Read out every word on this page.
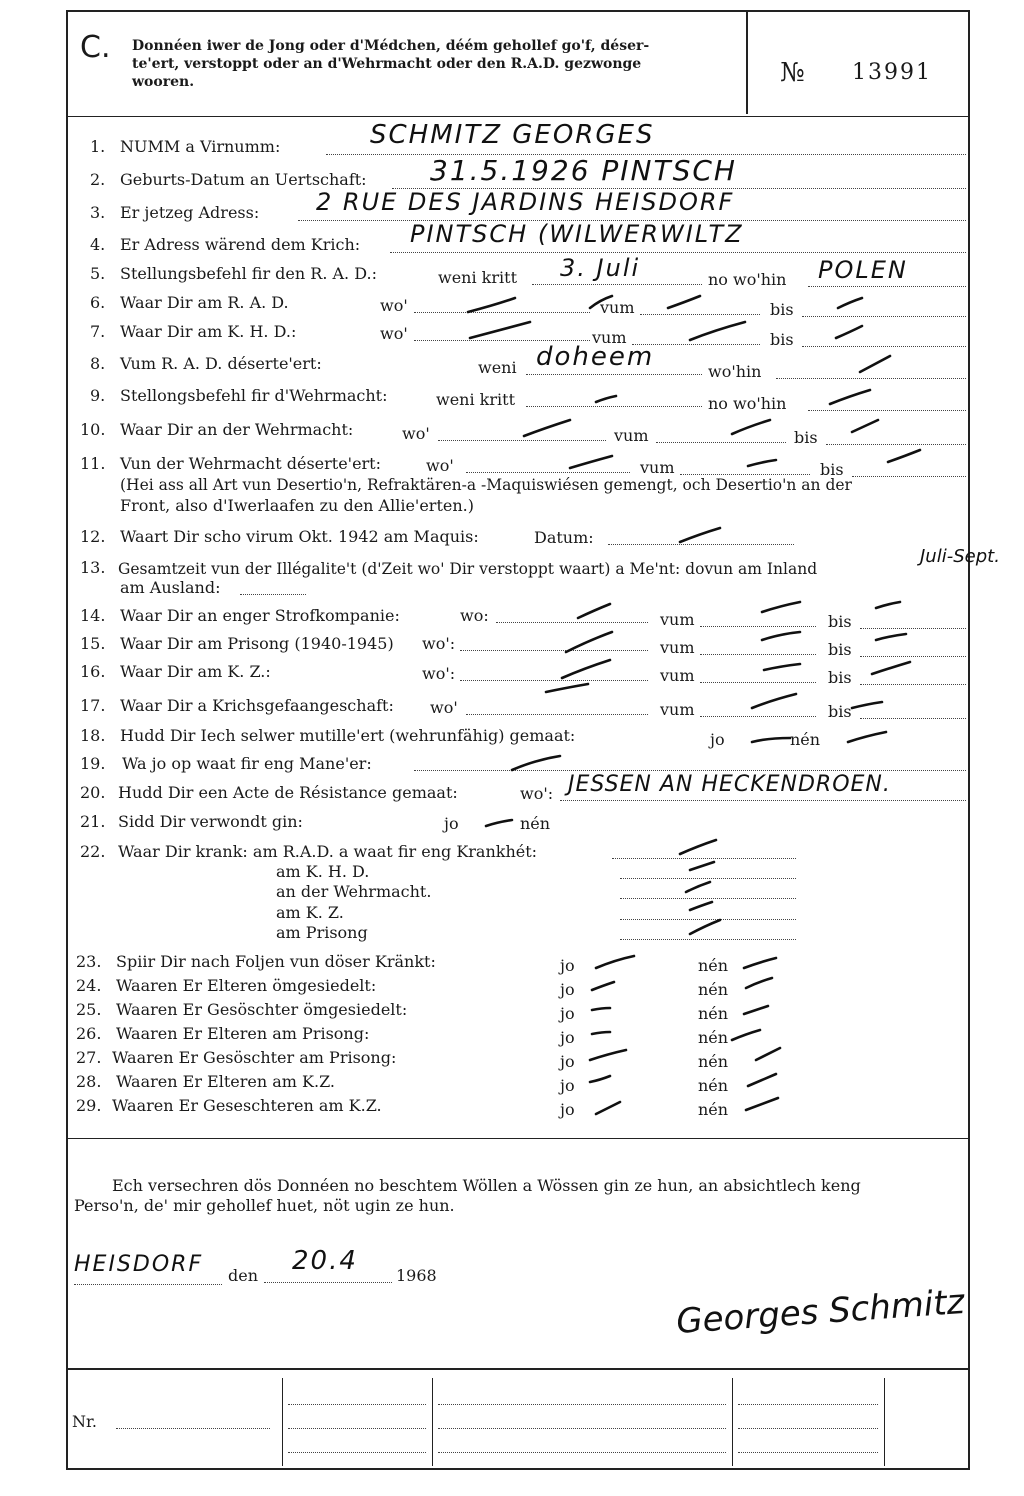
C. Donnéen iwer de Jong oder d'Médchen, déém gehollef go'f, déser-
te'ert, verstoppt oder an d'Wehrmacht oder den R.A.D. gezwonge
wooren.	№ 13991
1. NUMM a Virnumm:	SCHMITZ GEORGES
2. Geburts-Datum an Uertschaft: 31.5.1926 PINTSCH
3. Er jetzeg Adress: 2 RUE DES JARDINS HEISDORF
4. Er Adress wärend dem Krich: PINTSCH (WILWERWILTZ
5. Stellungsbefehl fir den R. A. D.:	weni kritt 3. Juli	no wo'hin POLEN
6. Waar Dir am R. A. D.	wo'	vum	bis
7. Waar Dir am K. H. D.:	wo'	vum	bis
8. Vum R. A. D. déserte'ert:	weni doheem	wo'hin
9. Stellongsbefehl fir d'Wehrmacht:	weni kritt	no wo'hin
10. Waar Dir an der Wehrmacht:	wo'	vum	bis
11. Vun der Wehrmacht déserte'ert:	wo'	vum	bis
(Hei ass all Art vun Desertio'n, Refraktären-a -Maquiswiésen gemengt, och Desertio'n an der
Front, also d'Iwerlaafen zu den Allie'erten.)
12. Waart Dir scho virum Okt. 1942 am Maquis:	Datum:
13. Gesamtzeit vun der Illégalite't (d'Zeit wo' Dir verstoppt waart) a Me'nt: dovun am Inland
Juli-Sept.
am Ausland:
14. Waar Dir an enger Strofkompanie:	wo:	vum	bis
15. Waar Dir am Prisong (1940-1945) wo':	vum	bis
16. Waar Dir am K. Z.:	wo':	vum	bis
17. Waar Dir a Krichsgefaangeschaft: wo'	vum	bis
18. Hudd Dir Iech selwer mutille'ert (wehrunfähig) gemaat:	jo	nén
19. Wa jo op waat fir eng Mane'er:
20. Hudd Dir een Acte de Résistance gemaat:	wo': JESSEN AN HECKENDROEN.
21. Sidd Dir verwondt gin:	jo	nén
22. Waar Dir krank: am R.A.D. a waat fir eng Krankhét:
am K. H. D.
an der Wehrmacht.
am K. Z.
am Prisong
23. Spiir Dir nach Foljen vun döser Kränkt:	jo	nén
24. Waaren Er Elteren ömgesiedelt:	jo	nén
25. Waaren Er Gesöschter ömgesiedelt:	jo	nén
26. Waaren Er Elteren am Prisong:	jo	nén
27. Waaren Er Gesöschter am Prisong:	jo	nén
28. Waaren Er Elteren am K.Z.	jo	nén
29. Waaren Er Geseschteren am K.Z.	jo	nén
Ech versechren dös Donnéen no beschtem Wöllen a Wössen gin ze hun, an absichtlech keng
Perso'n, de' mir gehollef huet, nöt ugin ze hun.
HEISDORF den 20.4 1968
Georges Schmitz
Nr.
